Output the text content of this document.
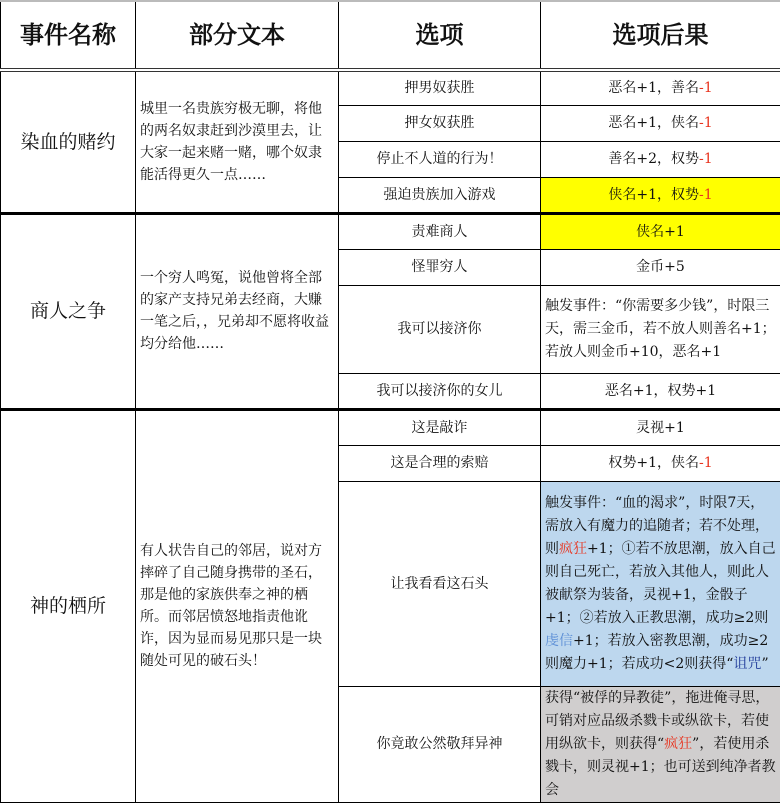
事件名称	部分文本	选项	选项后果
染血的赌约	城里一名贵族穷极无聊，将他的两名奴隶赶到沙漠里去，让大家一起来赌一赌，哪个奴隶能活得更久一点……	押男奴获胜	恶名+1，善名-1
		押女奴获胜	恶名+1，侠名-1
		停止不人道的行为！	善名+2，权势-1
		强迫贵族加入游戏	侠名+1，权势-1
商人之争	一个穷人鸣冤，说他曾将全部的家产支持兄弟去经商，大赚一笔之后，，兄弟却不愿将收益均分给他……	责难商人	侠名+1
		怪罪穷人	金币+5
		我可以接济你	触发事件：“你需要多少钱”，时限三天，需三金币，若不放人则善名+1；若放人则金币+10，恶名+1
		我可以接济你的女儿	恶名+1，权势+1
神的栖所	有人状告自己的邻居，说对方摔碎了自己随身携带的圣石，那是他的家族供奉之神的栖所。而邻居愤怒地指责他讹诈，因为显而易见那只是一块随处可见的破石头！	这是敲诈	灵视+1
		这是合理的索赔	权势+1，侠名-1
		让我看看这石头	触发事件：“血的渴求”，时限7天，需放入有魔力的追随者；若不处理，则疯狂+1；①若不放思潮，放入自己则自己死亡，若放入其他人，则此人被献祭为装备，灵视+1，金骰子+1；②若放入正教思潮，成功≥2则虔信+1；若放入密教思潮，成功≥2则魔力+1；若成功<2则获得“诅咒”
		你竟敢公然敬拜异神	获得“被俘的异教徒”，拖进俺寻思，可销对应品级杀戮卡或纵欲卡，若使用纵欲卡，则获得“疯狂”，若使用杀戮卡，则灵视+1；也可送到纯净者教会
